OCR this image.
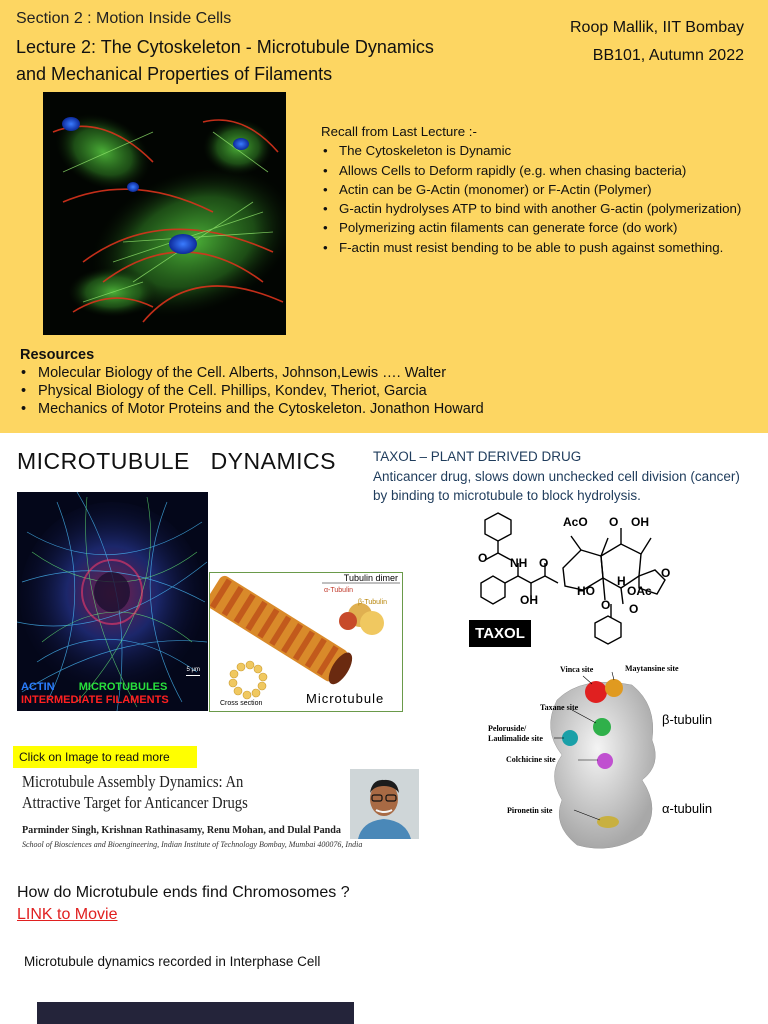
Section 2 : Motion Inside Cells
Lecture 2: The Cytoskeleton - Microtubule Dynamics
and Mechanical Properties of Filaments
Roop Mallik, IIT Bombay
BB101, Autumn 2022
Recall from Last Lecture :-
• The Cytoskeleton is Dynamic
• Allows Cells to Deform rapidly (e.g. when chasing bacteria)
• Actin can be G-Actin (monomer) or F-Actin (Polymer)
• G-actin hydrolyses ATP to bind with another G-actin (polymerization)
• Polymerizing actin filaments can generate force (do work)
• F-actin must resist bending to be able to push against something.
Resources
• Molecular Biology of the Cell. Alberts, Johnson,Lewis …. Walter
• Physical Biology of the Cell. Phillips, Kondev, Theriot, Garcia
• Mechanics of Motor Proteins and the Cytoskeleton. Jonathon Howard
MICROTUBULE   DYNAMICS	TAXOL – PLANT DERIVED DRUG
Anticancer drug, slows down unchecked cell division (cancer) by binding to microtubule to block hydrolysis.
5 μm
ACTIN MICROTUBULES
INTERMEDIATE FILAMENTS
Tubulin dimer
α-Tubulin
β-Tubulin
Cross section	Microtubule
AcO O OH
NH
O	O
OH
HO
H
O
OAc
O O
TAXOL
Vinca site	Maytansine site
Taxane site
Peloruside/
Laulimalide site
Colchicine site
Pironetin site
β-tubulin
α-tubulin
Click on Image to read more
Microtubule Assembly Dynamics: An Attractive Target for Anticancer Drugs
Parminder Singh, Krishnan Rathinasamy, Renu Mohan, and Dulal Panda
School of Biosciences and Bioengineering, Indian Institute of Technology Bombay, Mumbai 400076, India
How do Microtubule ends find Chromosomes ?
LINK to Movie
Microtubule dynamics recorded in Interphase Cell
